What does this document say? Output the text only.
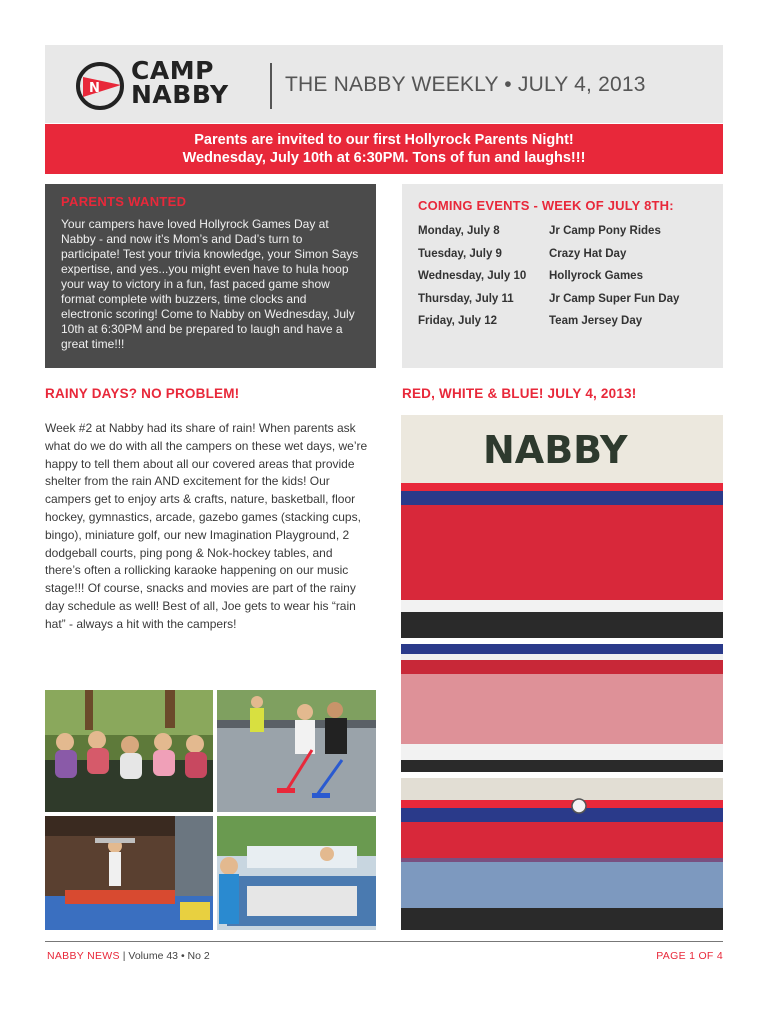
N
CAMP
NABBY	THE NABBY WEEKLY • JULY 4, 2013
Parents are invited to our first Hollyrock Parents Night!
Wednesday, July 10th at 6:30PM. Tons of fun and laughs!!!
PARENTS WANTED
Your campers have loved Hollyrock Games Day at Nabby - and now it’s Mom’s and Dad’s turn to participate! Test your trivia knowledge, your Simon Says expertise, and yes...you might even have to hula hoop your way to victory in a fun, fast paced game show format complete with buzzers, time clocks and electronic scoring! Come to Nabby on Wednesday, July 10th at 6:30PM and be prepared to laugh and have a great time!!!
COMING EVENTS - WEEK OF JULY 8TH:
Monday, July 8	Jr Camp Pony Rides
Tuesday, July 9	Crazy Hat Day
Wednesday, July 10	Hollyrock Games
Thursday, July 11	Jr Camp Super Fun Day
Friday, July 12	Team Jersey Day
RAINY DAYS? NO PROBLEM!	RED, WHITE & BLUE! JULY 4, 2013!
Week #2 at Nabby had its share of rain! When parents ask what do we do with all the campers on these wet days, we’re happy to tell them about all our covered areas that provide shelter from the rain AND excitement for the kids! Our campers get to enjoy arts & crafts, nature, basketball, floor hockey, gymnastics, arcade, gazebo games (stacking cups, bingo), miniature golf, our new Imagination Playground, 2 dodgeball courts, ping pong & Nok-hockey tables, and there’s often a rollicking karaoke happening on our music stage!!! Of course, snacks and movies are part of the rainy day schedule as well! Best of all, Joe gets to wear his “rain hat” - always a hit with the campers!
NABBY
NABBY NEWS | Volume 43 • No 2	PAGE 1 OF 4
